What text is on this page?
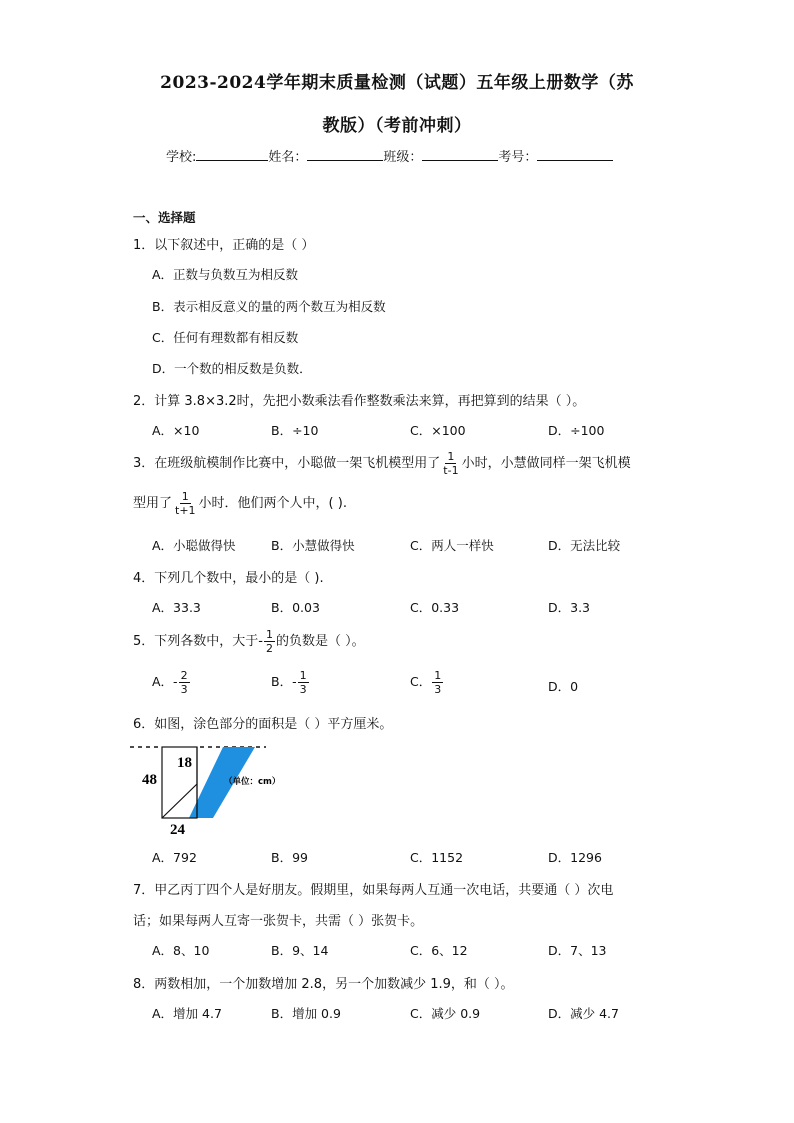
2023-2024学年期末质量检测（试题）五年级上册数学（苏
教版）（考前冲刺）
学校:	姓名：	班级：	考号：
一、选择题
1．以下叙述中，正确的是（ ）
A．正数与负数互为相反数
B．表示相反意义的量的两个数互为相反数
C．任何有理数都有相反数
D．一个数的相反数是负数．
2．计算 3.8×3.2时，先把小数乘法看作整数乘法来算，再把算到的结果（ ）。
A．×10	B．÷10	C．×100	D．÷100
3．在班级航模制作比赛中，小聪做一架飞机模型用了 $\frac{1}{t-1}$ 小时，小慧做同样一架飞机模
型用了 $\frac{1}{t+1}$ 小时．他们两个人中，( ).
A．小聪做得快	B．小慧做得快	C．两人一样快	D．无法比较
4．下列几个数中，最小的是（ ).
A．33.3	B．0.03	C．0.33	D．3.3
5．下列各数中，大于- $\frac{1}{2}$ 的负数是（ ）。
A．- $\frac{2}{3}$	B．- $\frac{1}{3}$	C． $\frac{1}{3}$	D．0
6．如图，涂色部分的面积是（ ）平方厘米。
48
18
24
（单位：cm）
A．792	B．99	C．1152	D．1296
7．甲乙丙丁四个人是好朋友。假期里，如果每两人互通一次电话，共要通（ ）次电
话；如果每两人互寄一张贺卡，共需（ ）张贺卡。
A．8、10	B．9、14	C．6、12	D．7、13
8．两数相加，一个加数增加 2.8，另一个加数减少 1.9，和（ ）。
A．增加 4.7	B．增加 0.9	C．减少 0.9	D．减少 4.7
